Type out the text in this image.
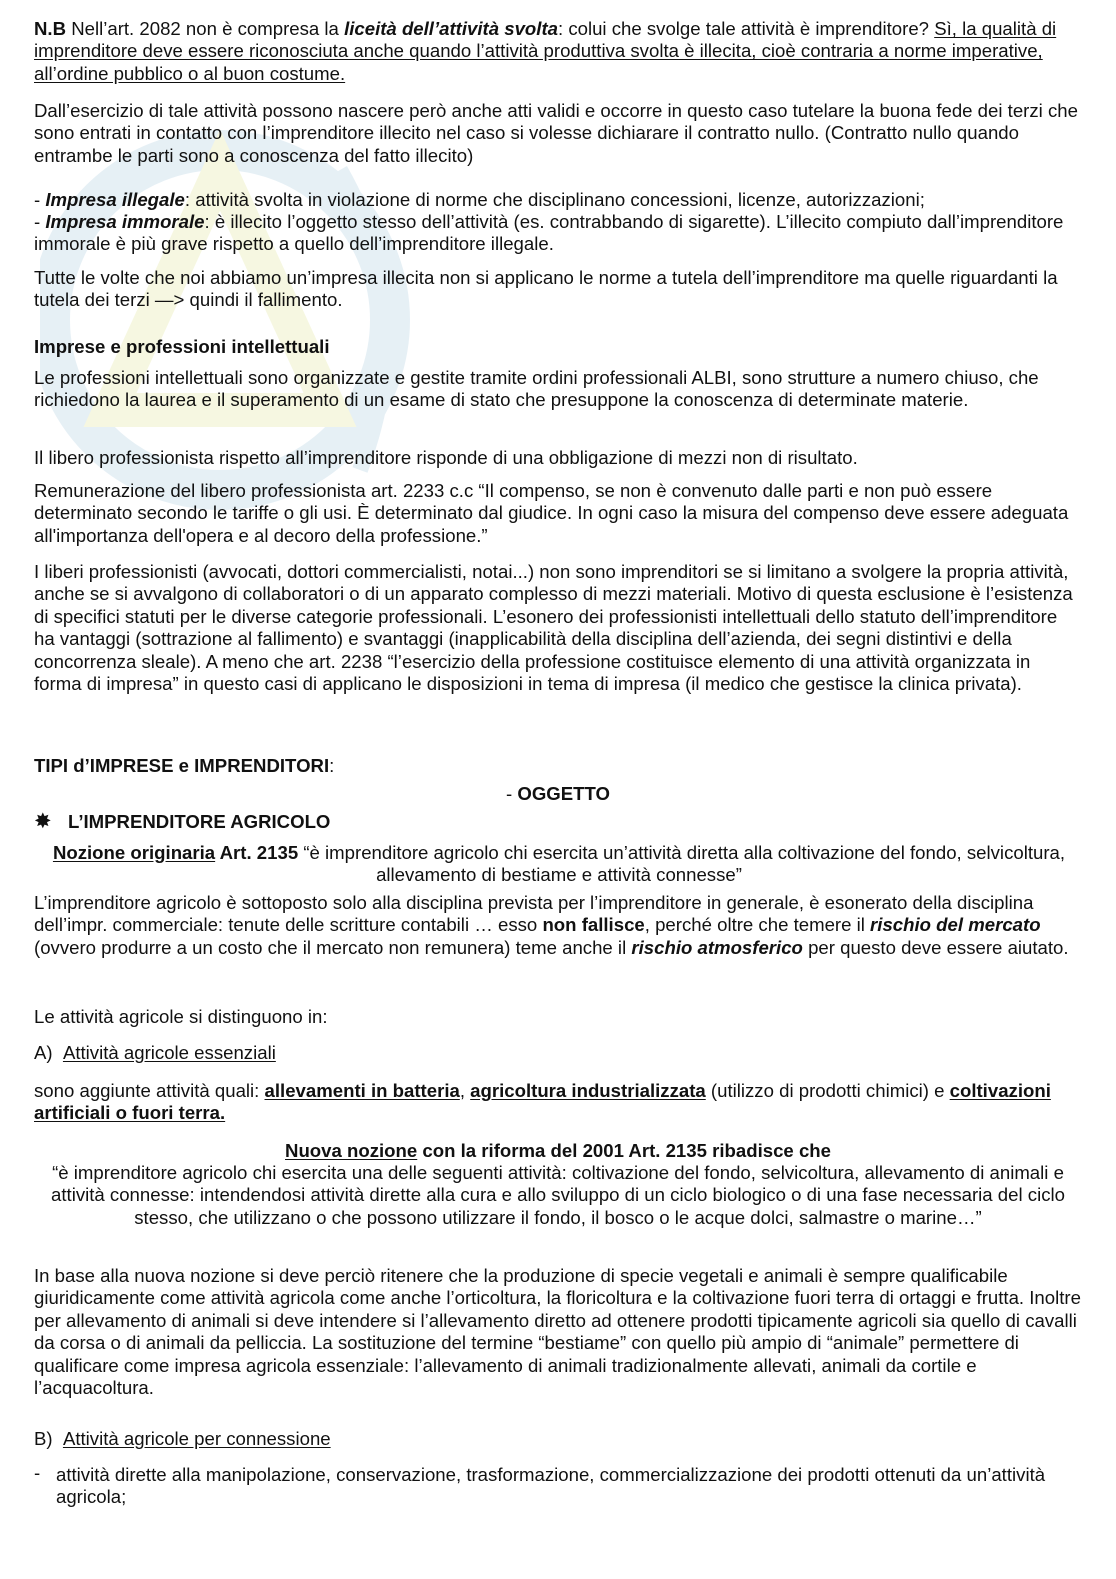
N.B Nell’art. 2082 non è compresa la liceità dell’attività svolta: colui che svolge tale attività è imprenditore? Sì, la qualità di imprenditore deve essere riconosciuta anche quando l’attività produttiva svolta è illecita, cioè contraria a norme imperative, all’ordine pubblico o al buon costume.

Dall’esercizio di tale attività possono nascere però anche atti validi e occorre in questo caso tutelare la buona fede dei terzi che sono entrati in contatto con l’imprenditore illecito nel caso si volesse dichiarare il contratto nullo. (Contratto nullo quando entrambe le parti sono a conoscenza del fatto illecito)

- Impresa illegale: attività svolta in violazione di norme che disciplinano concessioni, licenze, autorizzazioni;

- Impresa immorale: è illecito l’oggetto stesso dell’attività (es. contrabbando di sigarette). L’illecito compiuto dall’imprenditore immorale è più grave rispetto a quello dell’imprenditore illegale.

Tutte le volte che noi abbiamo un’impresa illecita non si applicano le norme a tutela dell’imprenditore ma quelle riguardanti la tutela dei terzi —> quindi il fallimento.

Imprese e professioni intellettuali

Le professioni intellettuali sono organizzate e gestite tramite ordini professionali ALBI, sono strutture a numero chiuso, che richiedono la laurea e il superamento di un esame di stato che presuppone la conoscenza di determinate materie.

Il libero professionista rispetto all’imprenditore risponde di una obbligazione di mezzi non di risultato.

Remunerazione del libero professionista art. 2233 c.c “Il compenso, se non è convenuto dalle parti e non può essere determinato secondo le tariffe o gli usi. È determinato dal giudice. In ogni caso la misura del compenso deve essere adeguata all'importanza dell'opera e al decoro della professione.”

I liberi professionisti (avvocati, dottori commercialisti, notai...) non sono imprenditori se si limitano a svolgere la propria attività, anche se si avvalgono di collaboratori o di un apparato complesso di mezzi materiali. Motivo di questa esclusione è l’esistenza di specifici statuti per le diverse categorie professionali. L’esonero dei professionisti intellettuali dello statuto dell’imprenditore ha vantaggi (sottrazione al fallimento) e svantaggi (inapplicabilità della disciplina dell’azienda, dei segni distintivi e della concorrenza sleale). A meno che art. 2238 “l’esercizio della professione costituisce elemento di una attività organizzata in forma di impresa” in questo casi di applicano le disposizioni in tema di impresa (il medico che gestisce la clinica privata).

TIPI d’IMPRESE e IMPRENDITORI:

- OGGETTO

✸ L’IMPRENDITORE AGRICOLO

Nozione originaria Art. 2135 “è imprenditore agricolo chi esercita un’attività diretta alla coltivazione del fondo, selvicoltura, allevamento di bestiame e attività connesse”

L’imprenditore agricolo è sottoposto solo alla disciplina prevista per l’imprenditore in generale, è esonerato della disciplina dell’impr. commerciale: tenute delle scritture contabili … esso non fallisce, perché oltre che temere il rischio del mercato (ovvero produrre a un costo che il mercato non remunera) teme anche il rischio atmosferico per questo deve essere aiutato.

Le attività agricole si distinguono in:

A) Attività agricole essenziali

sono aggiunte attività quali: allevamenti in batteria, agricoltura industrializzata (utilizzo di prodotti chimici) e coltivazioni artificiali o fuori terra.

Nuova nozione con la riforma del 2001 Art. 2135 ribadisce che

“è imprenditore agricolo chi esercita una delle seguenti attività: coltivazione del fondo, selvicoltura, allevamento di animali e attività connesse: intendendosi attività dirette alla cura e allo sviluppo di un ciclo biologico o di una fase necessaria del ciclo stesso, che utilizzano o che possono utilizzare il fondo, il bosco o le acque dolci, salmastre o marine…”

In base alla nuova nozione si deve perciò ritenere che la produzione di specie vegetali e animali è sempre qualificabile giuridicamente come attività agricola come anche l’orticoltura, la floricoltura e la coltivazione fuori terra di ortaggi e frutta. Inoltre per allevamento di animali si deve intendere si l’allevamento diretto ad ottenere prodotti tipicamente agricoli sia quello di cavalli da corsa o di animali da pelliccia. La sostituzione del termine “bestiame” con quello più ampio di “animale” permettere di qualificare come impresa agricola essenziale: l’allevamento di animali tradizionalmente allevati, animali da cortile e l’acquacoltura.

B) Attività agricole per connessione

- attività dirette alla manipolazione, conservazione, trasformazione, commercializzazione dei prodotti ottenuti da un’attività agricola;
